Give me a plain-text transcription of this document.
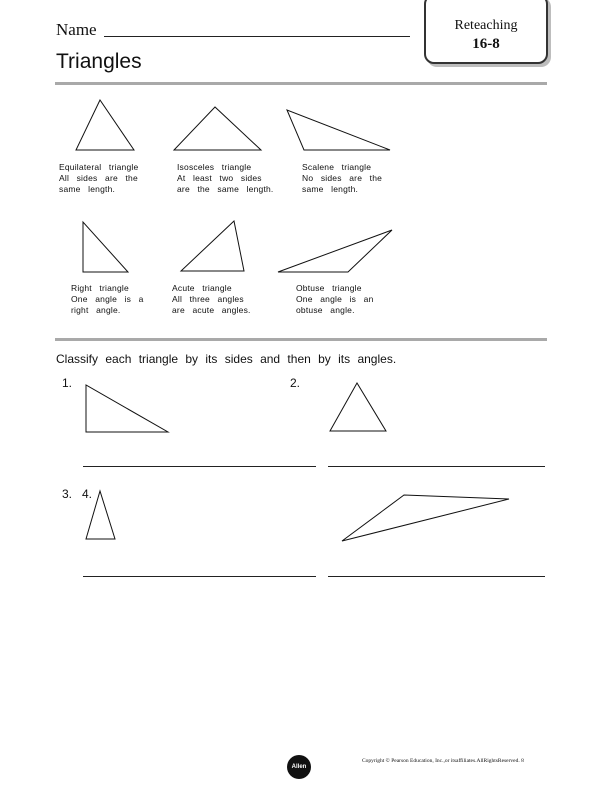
Name
Triangles
Reteaching
16-8
Equilateral triangle
All sides are the
same length.
Isosceles triangle
At least two sides
are the same length.
Scalene triangle
No sides are the
same length.
Right triangle
One angle is a
right angle.
Acute triangle
All three angles
are acute angles.
Obtuse triangle
One angle is an
obtuse angle.
Classify each triangle by its sides and then by its angles.
1.	2.
3. 4.
Allen
Copyright © Pearson Education, Inc.,or itsaffiliates.AllRightsReserved. 8
